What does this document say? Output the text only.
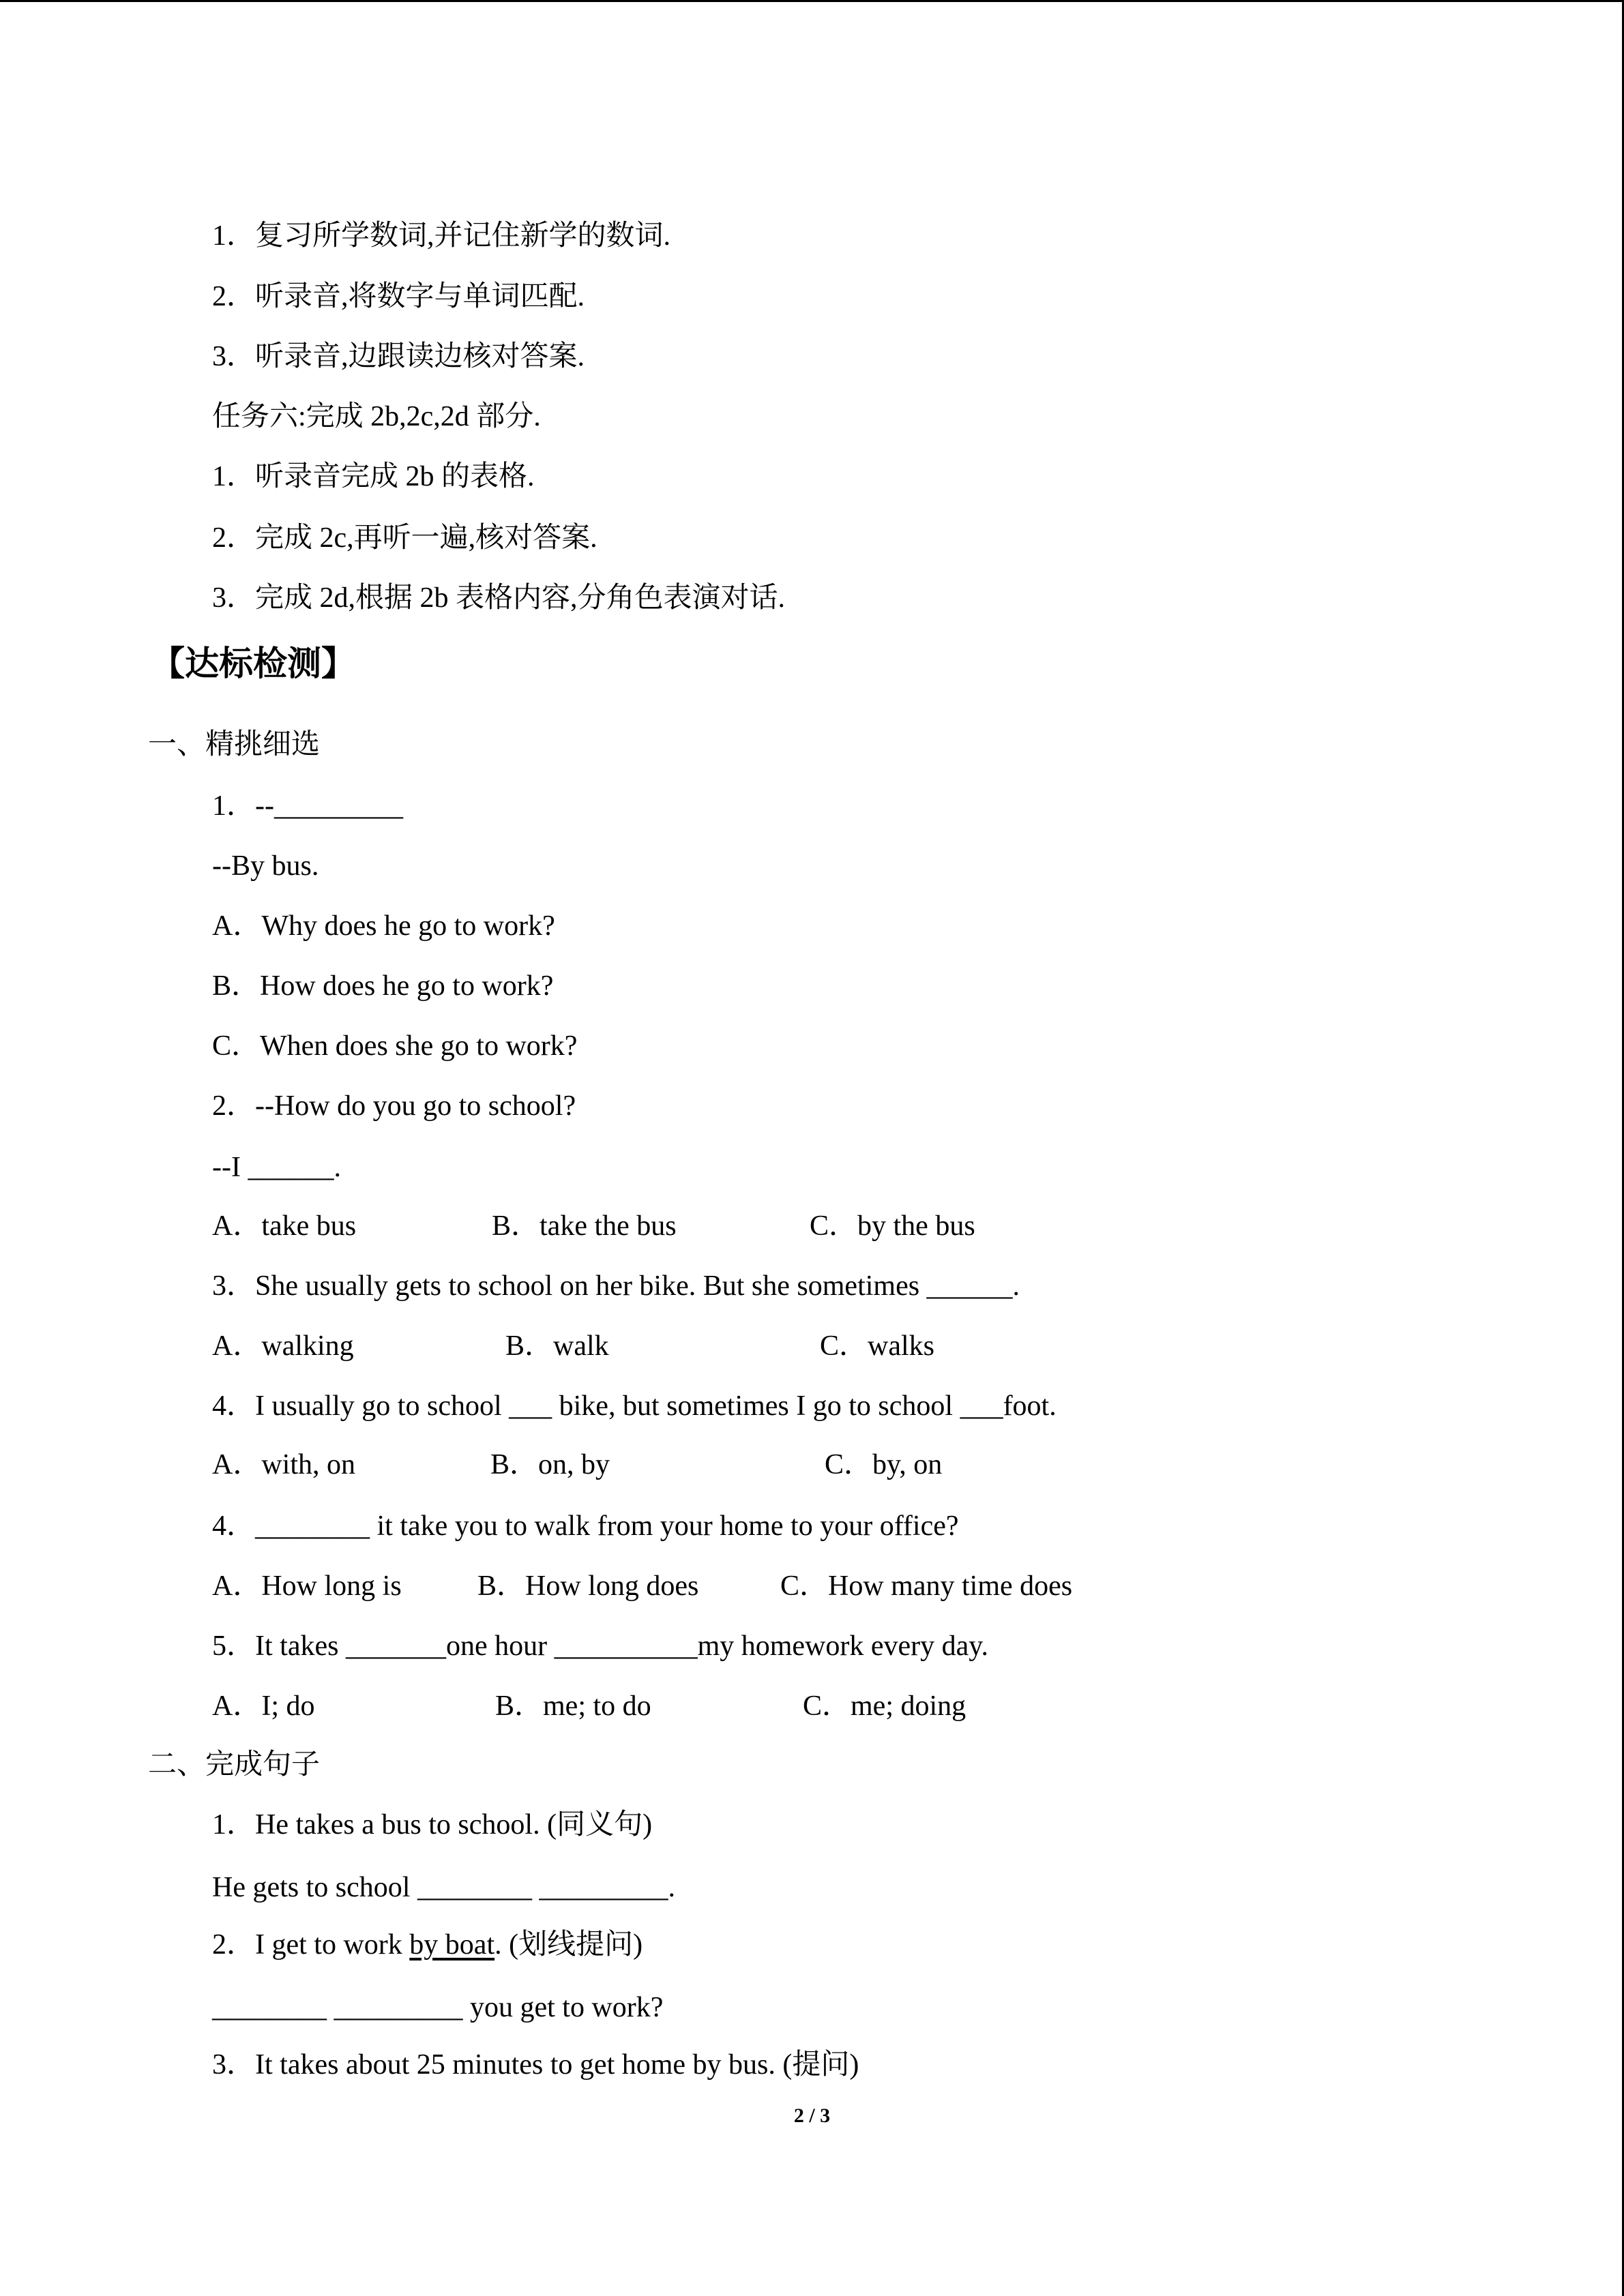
1．复习所学数词,并记住新学的数词.
2．听录音,将数字与单词匹配.
3．听录音,边跟读边核对答案.
任务六:完成 2b,2c,2d 部分.
1．听录音完成 2b 的表格.
2．完成 2c,再听一遍,核对答案.
3．完成 2d,根据 2b 表格内容,分角色表演对话.
【达标检测】
一、精挑细选
1．--_________
--By bus.
A．Why does he go to work?
B．How does he go to work?
C．When does she go to work?
2．--How do you go to school?
--I ______.
A．take bus	B．take the bus	C．by the bus
3．She usually gets to school on her bike. But she sometimes ______.
A．walking	B．walk	C．walks
4．I usually go to school ___ bike, but sometimes I go to school ___foot.
A．with, on	B．on, by	C．by, on
4．________ it take you to walk from your home to your office?
A．How long is	B．How long does	C．How many time does
5．It takes _______one hour __________my homework every day.
A．I; do	B．me; to do	C．me; doing
二、完成句子
1．He takes a bus to school. (同义句)
He gets to school ________ _________.
2．I get to work by boat. (划线提问)
________ _________ you get to work?
3．It takes about 25 minutes to get home by bus. (提问)
2 / 3
